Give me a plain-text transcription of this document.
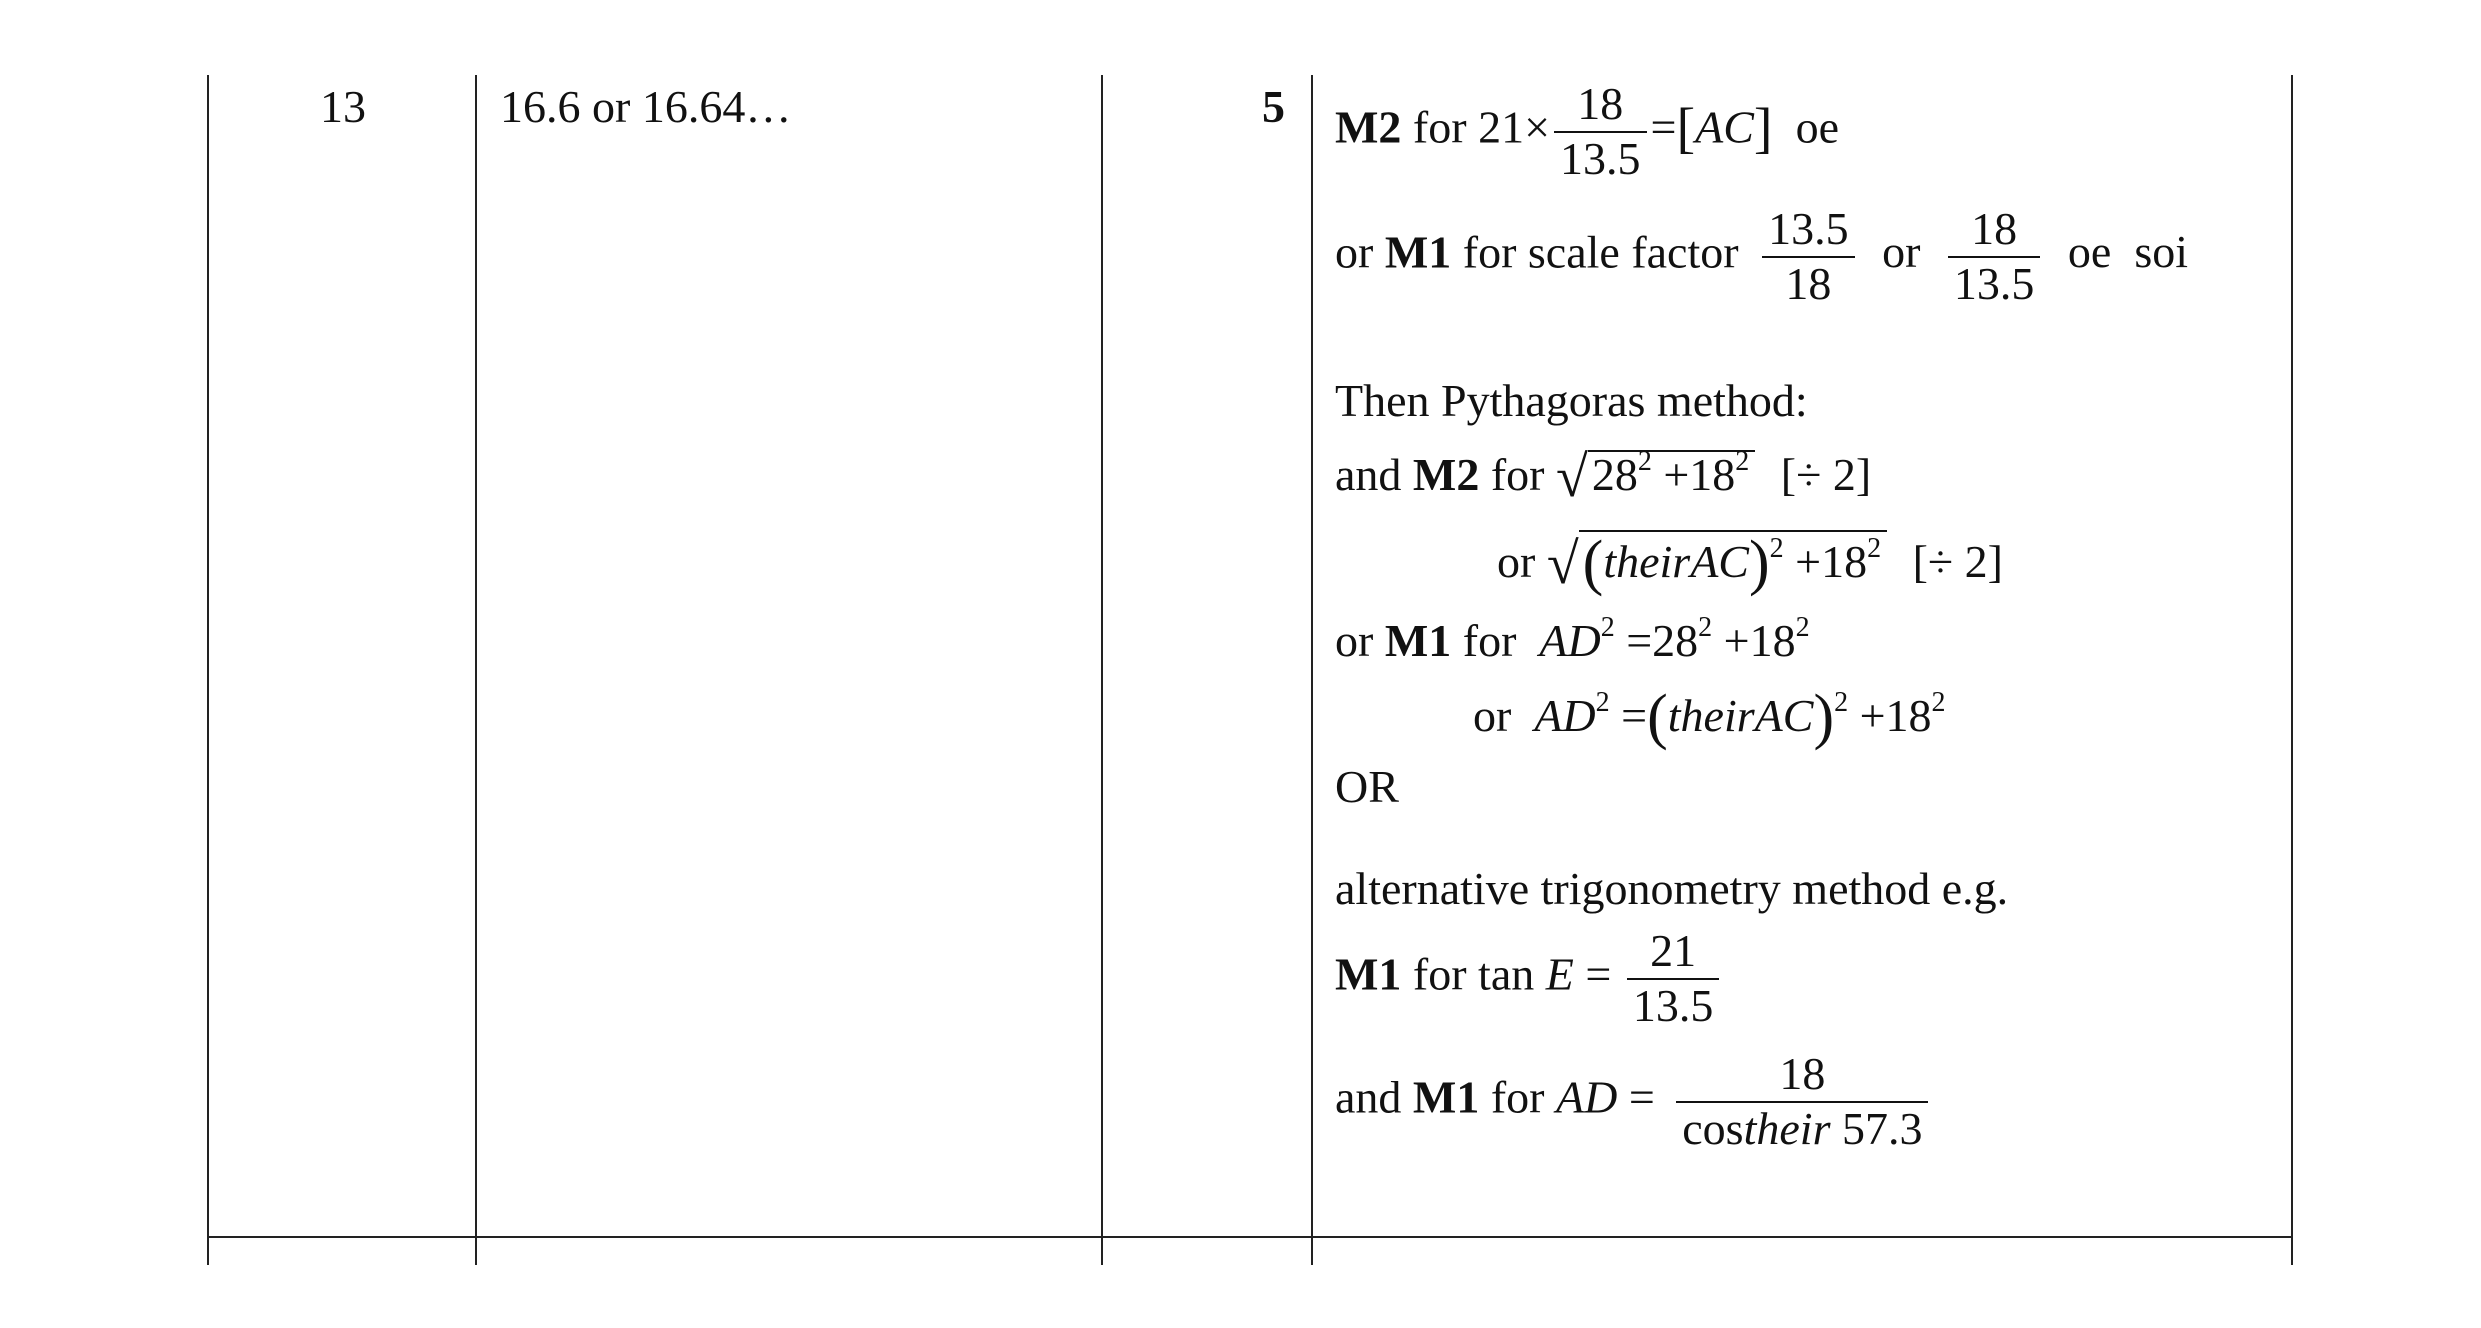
13	16.6 or 16.64…	5 M2 for $21\times \frac{18}{13.5} =[AC]$ oe
or M1 for scale factor $\frac{13.5}{18}$ or $\frac{18}{13.5}$ oe  soi
Then Pythagoras method:
and M2 for $√28^2 +18^2$ [÷ 2]
or √(theirAC)$^2$ $+18^2$ [÷ 2]
or M1 for $AD^2 =28^2 +18^2$
or $AD^2$ =(theirAC)$^2$ $+18^2$
OR
alternative trigonometry method e.g.
M1 for $\tan E = \frac{21}{13.5}$
and M1 for AD = $\frac{18}{\text{costheir 57.3}}$
